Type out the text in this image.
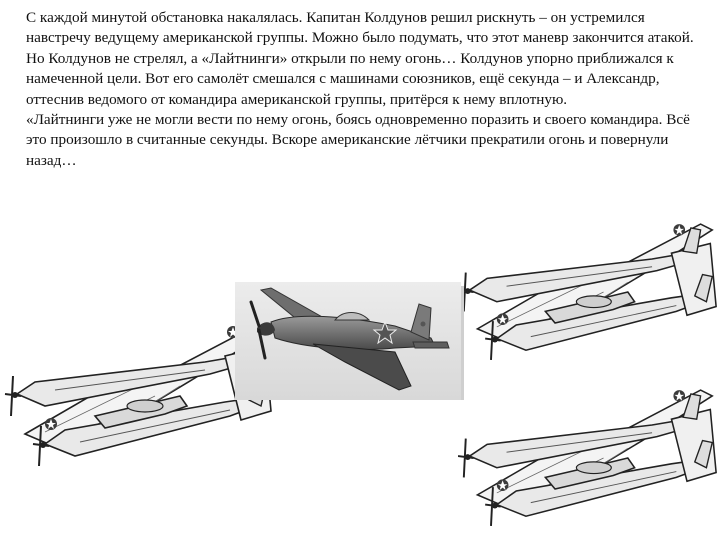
С каждой минутой обстановка накалялась. Капитан Колдунов решил рискнуть – он устремился навстречу ведущему американской группы. Можно было подумать, что этот маневр закончится атакой. Но Колдунов не стрелял, а «Лайтнинги» открыли по нему огонь… Колдунов упорно приближался к намеченной цели. Вот его самолёт смешался с машинами союзников, ещё секунда – и Александр, оттеснив ведомого от командира американской группы, притёрся к нему вплотную.

«Лайтнинги уже не могли вести по нему огонь, боясь одновременно поразить и своего командира. Всё это произошло в считанные секунды. Вскоре американские лётчики прекратили огонь и повернули назад…
